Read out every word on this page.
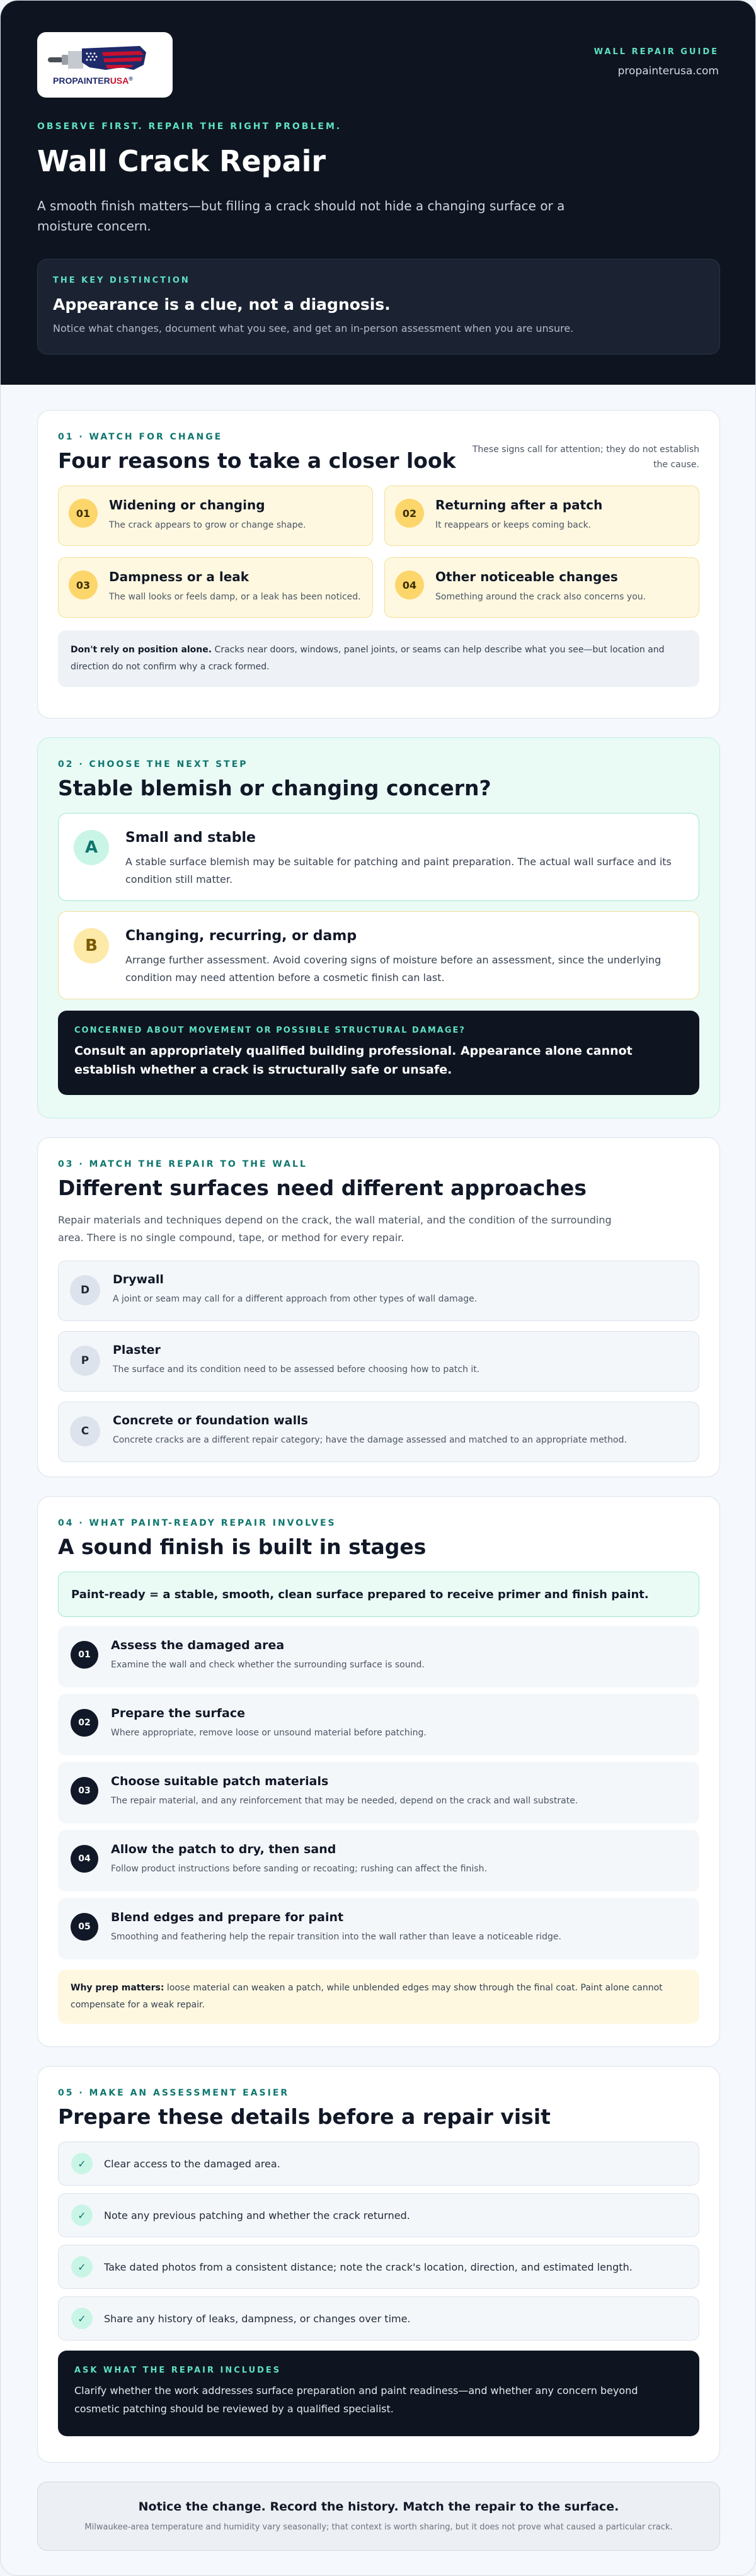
PROPAINTERUSA®
WALL REPAIR GUIDE
propainterusa.com
OBSERVE FIRST. REPAIR THE RIGHT PROBLEM.
Wall Crack Repair

A smooth finish matters—but filling a crack should not hide a changing surface or a moisture concern.

THE KEY DISTINCTION
Appearance is a clue, not a diagnosis.
Notice what changes, document what you see, and get an in-person assessment when you are unsure.
01 · WATCH FOR CHANGE
Four reasons to take a closer look	These signs call for attention; they do not establish the cause.
01
Widening or changing
The crack appears to grow or change shape.
02
Returning after a patch
It reappears or keeps coming back.
03
Dampness or a leak
The wall looks or feels damp, or a leak has been noticed.
04
Other noticeable changes
Something around the crack also concerns you.
Don't rely on position alone. Cracks near doors, windows, panel joints, or seams can help describe what you see—but location and direction do not confirm why a crack formed.
02 · CHOOSE THE NEXT STEP
Stable blemish or changing concern?
A
Small and stable
A stable surface blemish may be suitable for patching and paint preparation. The actual wall surface and its condition still matter.
B
Changing, recurring, or damp
Arrange further assessment. Avoid covering signs of moisture before an assessment, since the underlying condition may need attention before a cosmetic finish can last.
CONCERNED ABOUT MOVEMENT OR POSSIBLE STRUCTURAL DAMAGE?
Consult an appropriately qualified building professional. Appearance alone cannot establish whether a crack is structurally safe or unsafe.
03 · MATCH THE REPAIR TO THE WALL
Different surfaces need different approaches

Repair materials and techniques depend on the crack, the wall material, and the condition of the surrounding area. There is no single compound, tape, or method for every repair.

D
Drywall
A joint or seam may call for a different approach from other types of wall damage.
P
Plaster
The surface and its condition need to be assessed before choosing how to patch it.
C
Concrete or foundation walls
Concrete cracks are a different repair category; have the damage assessed and matched to an appropriate method.
04 · WHAT PAINT-READY REPAIR INVOLVES
A sound finish is built in stages
Paint-ready = a stable, smooth, clean surface prepared to receive primer and finish paint.
01
Assess the damaged area
Examine the wall and check whether the surrounding surface is sound.
02
Prepare the surface
Where appropriate, remove loose or unsound material before patching.
03
Choose suitable patch materials
The repair material, and any reinforcement that may be needed, depend on the crack and wall substrate.
04
Allow the patch to dry, then sand
Follow product instructions before sanding or recoating; rushing can affect the finish.
05
Blend edges and prepare for paint
Smoothing and feathering help the repair transition into the wall rather than leave a noticeable ridge.
Why prep matters: loose material can weaken a patch, while unblended edges may show through the final coat. Paint alone cannot compensate for a weak repair.
05 · MAKE AN ASSESSMENT EASIER
Prepare these details before a repair visit
✓	Clear access to the damaged area.
✓	Note any previous patching and whether the crack returned.
✓	Take dated photos from a consistent distance; note the crack's location, direction, and estimated length.
✓	Share any history of leaks, dampness, or changes over time.
ASK WHAT THE REPAIR INCLUDES
Clarify whether the work addresses surface preparation and paint readiness—and whether any concern beyond cosmetic patching should be reviewed by a qualified specialist.
Notice the change. Record the history. Match the repair to the surface.
Milwaukee-area temperature and humidity vary seasonally; that context is worth sharing, but it does not prove what caused a particular crack.
